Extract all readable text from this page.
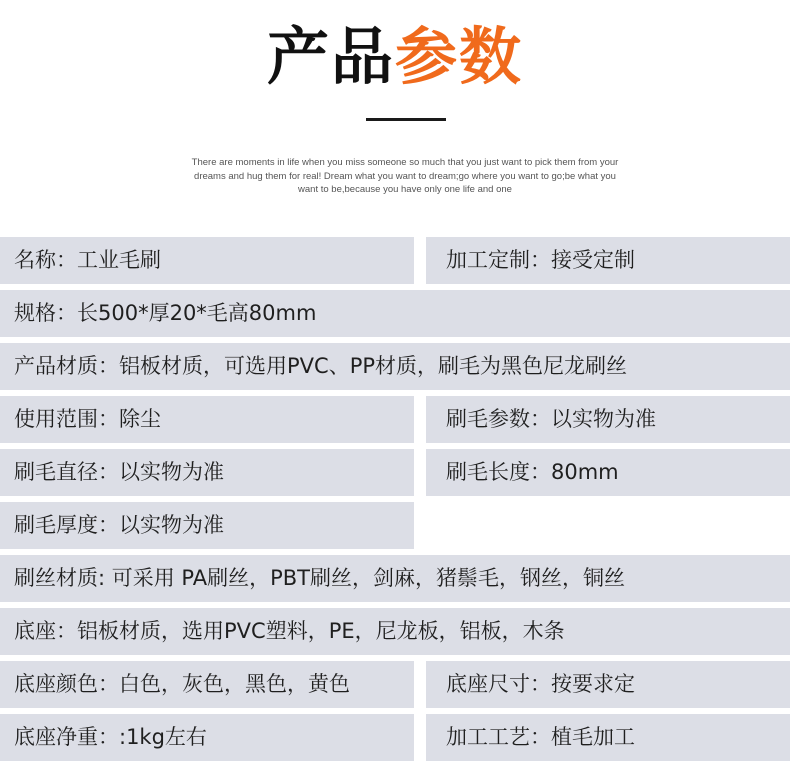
产品参数
There are moments in life when you miss someone so much that you just want to pick them from your
dreams and hug them for real! Dream what you want to dream;go where you want to go;be what you
want to be,because you have only one life and one
名称：工业毛刷	加工定制：接受定制
规格：长500*厚20*毛高80mm
产品材质：铝板材质，可选用PVC、PP材质，刷毛为黑色尼龙刷丝
使用范围：除尘	刷毛参数：以实物为准
刷毛直径：以实物为准	刷毛长度：80mm
刷毛厚度：以实物为准
刷丝材质: 可采用 PA刷丝，PBT刷丝，剑麻，猪鬃毛，钢丝，铜丝
底座：铝板材质，选用PVC塑料，PE，尼龙板，铝板，木条
底座颜色：白色，灰色，黑色，黄色	底座尺寸：按要求定
底座净重：:1kg左右	加工工艺：植毛加工
